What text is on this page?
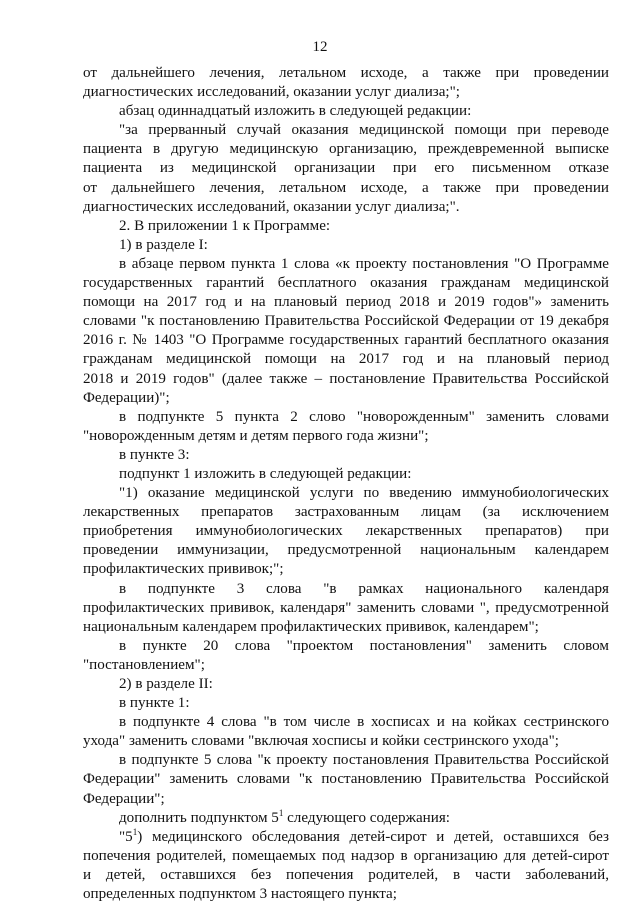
12
от дальнейшего лечения, летальном исходе, а также при проведении
диагностических исследований, оказании услуг диализа;";
абзац одиннадцатый изложить в следующей редакции:
"за прерванный случай оказания медицинской помощи при переводе
пациента в другую медицинскую организацию, преждевременной выписке
пациента из медицинской организации при его письменном отказе
от дальнейшего лечения, летальном исходе, а также при проведении
диагностических исследований, оказании услуг диализа;".
2. В приложении 1 к Программе:
1) в разделе I:
в абзаце первом пункта 1 слова «к проекту постановления "О Программе
государственных гарантий бесплатного оказания гражданам медицинской
помощи на 2017 год и на плановый период 2018 и 2019 годов"» заменить
словами "к постановлению Правительства Российской Федерации от 19 декабря
2016 г. № 1403 "О Программе государственных гарантий бесплатного оказания
гражданам медицинской помощи на 2017 год и на плановый период
2018 и 2019 годов" (далее также – постановление Правительства Российской
Федерации)";
в подпункте 5 пункта 2 слово "новорожденным" заменить словами
"новорожденным детям и детям первого года жизни";
в пункте 3:
подпункт 1 изложить в следующей редакции:
"1) оказание медицинской услуги по введению иммунобиологических
лекарственных препаратов застрахованным лицам (за исключением
приобретения иммунобиологических лекарственных препаратов) при
проведении иммунизации, предусмотренной национальным календарем
профилактических прививок;";
в подпункте 3 слова "в рамках национального календаря
профилактических прививок, календаря" заменить словами ", предусмотренной
национальным календарем профилактических прививок, календарем";
в пункте 20 слова "проектом постановления" заменить словом
"постановлением";
2) в разделе II:
в пункте 1:
в подпункте 4 слова "в том числе в хосписах и на койках сестринского
ухода" заменить словами "включая хосписы и койки сестринского ухода";
в подпункте 5 слова "к проекту постановления Правительства Российской
Федерации" заменить словами "к постановлению Правительства Российской
Федерации";
дополнить подпунктом $5^1$ следующего содержания:
"$5^1$) медицинского обследования детей-сирот и детей, оставшихся без
попечения родителей, помещаемых под надзор в организацию для детей-сирот
и детей, оставшихся без попечения родителей, в части заболеваний,
определенных подпунктом 3 настоящего пункта;
